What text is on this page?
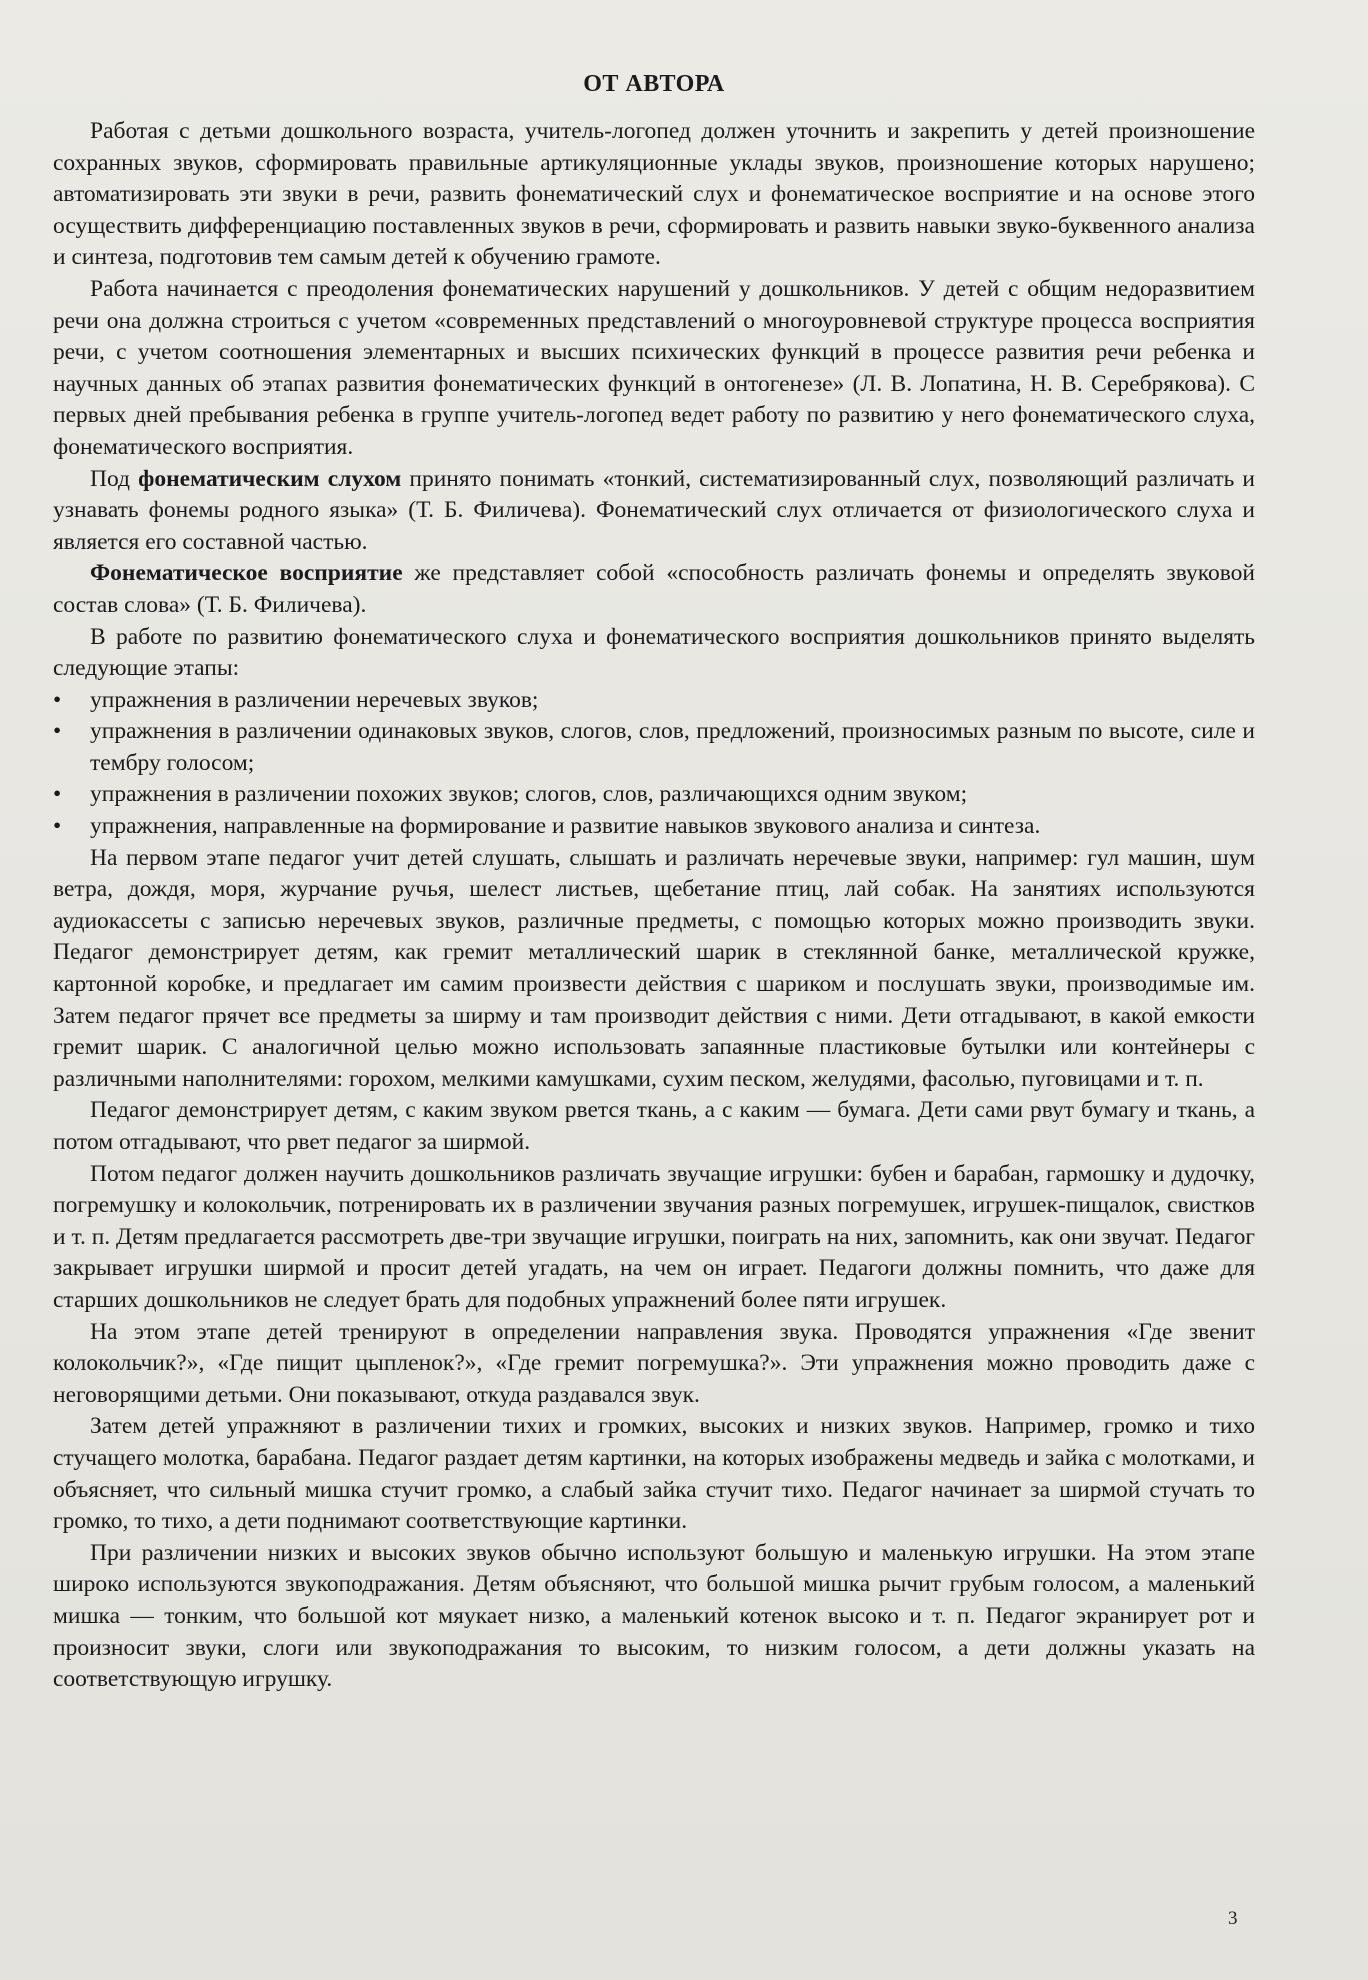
ОТ АВТОРА

Работая с детьми дошкольного возраста, учитель-логопед должен уточнить и закрепить у детей произношение сохранных звуков, сформировать правильные артикуляционные уклады звуков, произношение которых нарушено; автоматизировать эти звуки в речи, развить фонематический слух и фонематическое восприятие и на основе этого осуществить дифференциацию поставленных звуков в речи, сформировать и развить навыки звуко-буквенного анализа и синтеза, подготовив тем самым детей к обучению грамоте.

Работа начинается с преодоления фонематических нарушений у дошкольников. У детей с общим недоразвитием речи она должна строиться с учетом «современных представлений о многоуровневой структуре процесса восприятия речи, с учетом соотношения элементарных и высших психических функций в процессе развития речи ребенка и научных данных об этапах развития фонематических функций в онтогенезе» (Л. В. Лопатина, Н. В. Серебрякова). С первых дней пребывания ребенка в группе учитель-логопед ведет работу по развитию у него фонематического слуха, фонематического восприятия.

Под фонематическим слухом принято понимать «тонкий, систематизированный слух, позволяющий различать и узнавать фонемы родного языка» (Т. Б. Филичева). Фонематический слух отличается от физиологического слуха и является его составной частью.

Фонематическое восприятие же представляет собой «способность различать фонемы и определять звуковой состав слова» (Т. Б. Филичева).

В работе по развитию фонематического слуха и фонематического восприятия дошкольников принято выделять следующие этапы:

•	упражнения в различении неречевых звуков;
•	упражнения в различении одинаковых звуков, слогов, слов, предложений, произносимых разным по высоте, силе и тембру голосом;
•	упражнения в различении похожих звуков; слогов, слов, различающихся одним звуком;
•	упражнения, направленные на формирование и развитие навыков звукового анализа и синтеза.

На первом этапе педагог учит детей слушать, слышать и различать неречевые звуки, например: гул машин, шум ветра, дождя, моря, журчание ручья, шелест листьев, щебетание птиц, лай собак. На занятиях используются аудиокассеты с записью неречевых звуков, различные предметы, с помощью которых можно производить звуки. Педагог демонстрирует детям, как гремит металлический шарик в стеклянной банке, металлической кружке, картонной коробке, и предлагает им самим произвести действия с шариком и послушать звуки, производимые им. Затем педагог прячет все предметы за ширму и там производит действия с ними. Дети отгадывают, в какой емкости гремит шарик. С аналогичной целью можно использовать запаянные пластиковые бутылки или контейнеры с различными наполнителями: горохом, мелкими камушками, сухим песком, желудями, фасолью, пуговицами и т. п.

Педагог демонстрирует детям, с каким звуком рвется ткань, а с каким — бумага. Дети сами рвут бумагу и ткань, а потом отгадывают, что рвет педагог за ширмой.

Потом педагог должен научить дошкольников различать звучащие игрушки: бубен и барабан, гармошку и дудочку, погремушку и колокольчик, потренировать их в различении звучания разных погремушек, игрушек-пищалок, свистков и т. п. Детям предлагается рассмотреть две-три звучащие игрушки, поиграть на них, запомнить, как они звучат. Педагог закрывает игрушки ширмой и просит детей угадать, на чем он играет. Педагоги должны помнить, что даже для старших дошкольников не следует брать для подобных упражнений более пяти игрушек.

На этом этапе детей тренируют в определении направления звука. Проводятся упражнения «Где звенит колокольчик?», «Где пищит цыпленок?», «Где гремит погремушка?». Эти упражнения можно проводить даже с неговорящими детьми. Они показывают, откуда раздавался звук.

Затем детей упражняют в различении тихих и громких, высоких и низких звуков. Например, громко и тихо стучащего молотка, барабана. Педагог раздает детям картинки, на которых изображены медведь и зайка с молотками, и объясняет, что сильный мишка стучит громко, а слабый зайка стучит тихо. Педагог начинает за ширмой стучать то громко, то тихо, а дети поднимают соответствующие картинки.

При различении низких и высоких звуков обычно используют большую и маленькую игрушки. На этом этапе широко используются звукоподражания. Детям объясняют, что большой мишка рычит грубым голосом, а маленький мишка — тонким, что большой кот мяукает низко, а маленький котенок высоко и т. п. Педагог экранирует рот и произносит звуки, слоги или звукоподражания то высоким, то низким голосом, а дети должны указать на соответствующую игрушку.

3
